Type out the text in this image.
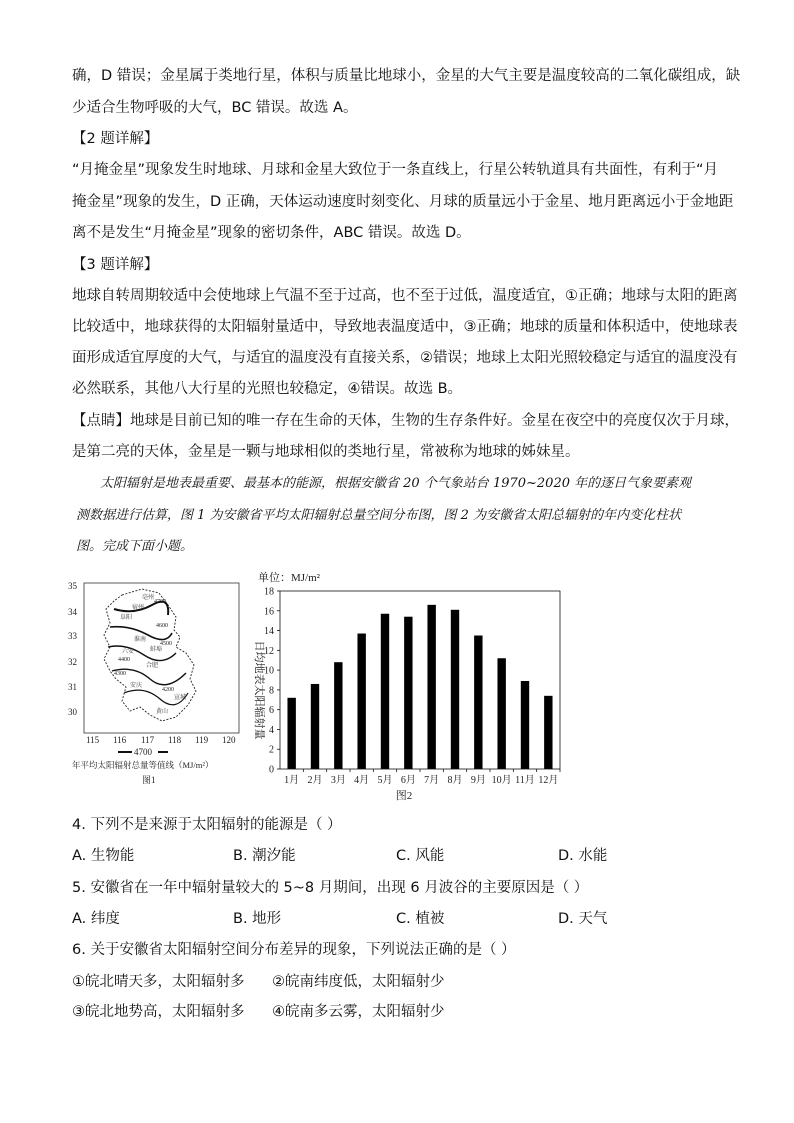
确，D 错误；金星属于类地行星，体积与质量比地球小，金星的大气主要是温度较高的二氧化碳组成，缺
少适合生物呼吸的大气，BC 错误。故选 A。
【2 题详解】
“月掩金星”现象发生时地球、月球和金星大致位于一条直线上，行星公转轨道具有共面性，有利于“月
掩金星”现象的发生，D 正确，天体运动速度时刻变化、月球的质量远小于金星、地月距离远小于金地距
离不是发生“月掩金星”现象的密切条件，ABC 错误。故选 D。
【3 题详解】
地球自转周期较适中会使地球上气温不至于过高，也不至于过低，温度适宜，①正确；地球与太阳的距离
比较适中，地球获得的太阳辐射量适中，导致地表温度适中，③正确；地球的质量和体积适中，使地球表
面形成适宜厚度的大气，与适宜的温度没有直接关系，②错误；地球上太阳光照较稳定与适宜的温度没有
必然联系，其他八大行星的光照也较稳定，④错误。故选 B。
【点睛】地球是目前已知的唯一存在生命的天体，生物的生存条件好。金星在夜空中的亮度仅次于月球，
是第二亮的天体，金星是一颗与地球相似的类地行星，常被称为地球的姊妹星。
太阳辐射是地表最重要、最基本的能源，根据安徽省 20 个气象站台 1970~2020 年的逐日气象要素观
测数据进行估算，图 1 为安徽省平均太阳辐射总量空间分布图，图 2 为安徽省太阳总辐射的年内变化柱状
图。完成下面小题。
35
34
33
32
31
30
115 116 117 118 119 120
4700
4600
4500
4400
4300
4200
阜阳
淮南
亳州
宿州
蚌埠
合肥
安庆
黄山
宣城
六安
4700
年平均太阳辐射总量等值线（MJ/m²）
图1
单位：MJ/m²
日均地表太阳辐射量
0
2
4
6
8
10
12
14
16
18
1月 2月 3月 4月 5月 6月 7月 8月 9月 10月 11月 12月
图2
4. 下列不是来源于太阳辐射的能源是（ ）
A. 生物能	B. 潮汐能	C. 风能	D. 水能
5. 安徽省在一年中辐射量较大的 5~8 月期间，出现 6 月波谷的主要原因是（ ）
A. 纬度	B. 地形	C. 植被	D. 天气
6. 关于安徽省太阳辐射空间分布差异的现象，下列说法正确的是（ ）
①皖北晴天多，太阳辐射多 ②皖南纬度低，太阳辐射少
③皖北地势高，太阳辐射多 ④皖南多云雾，太阳辐射少
